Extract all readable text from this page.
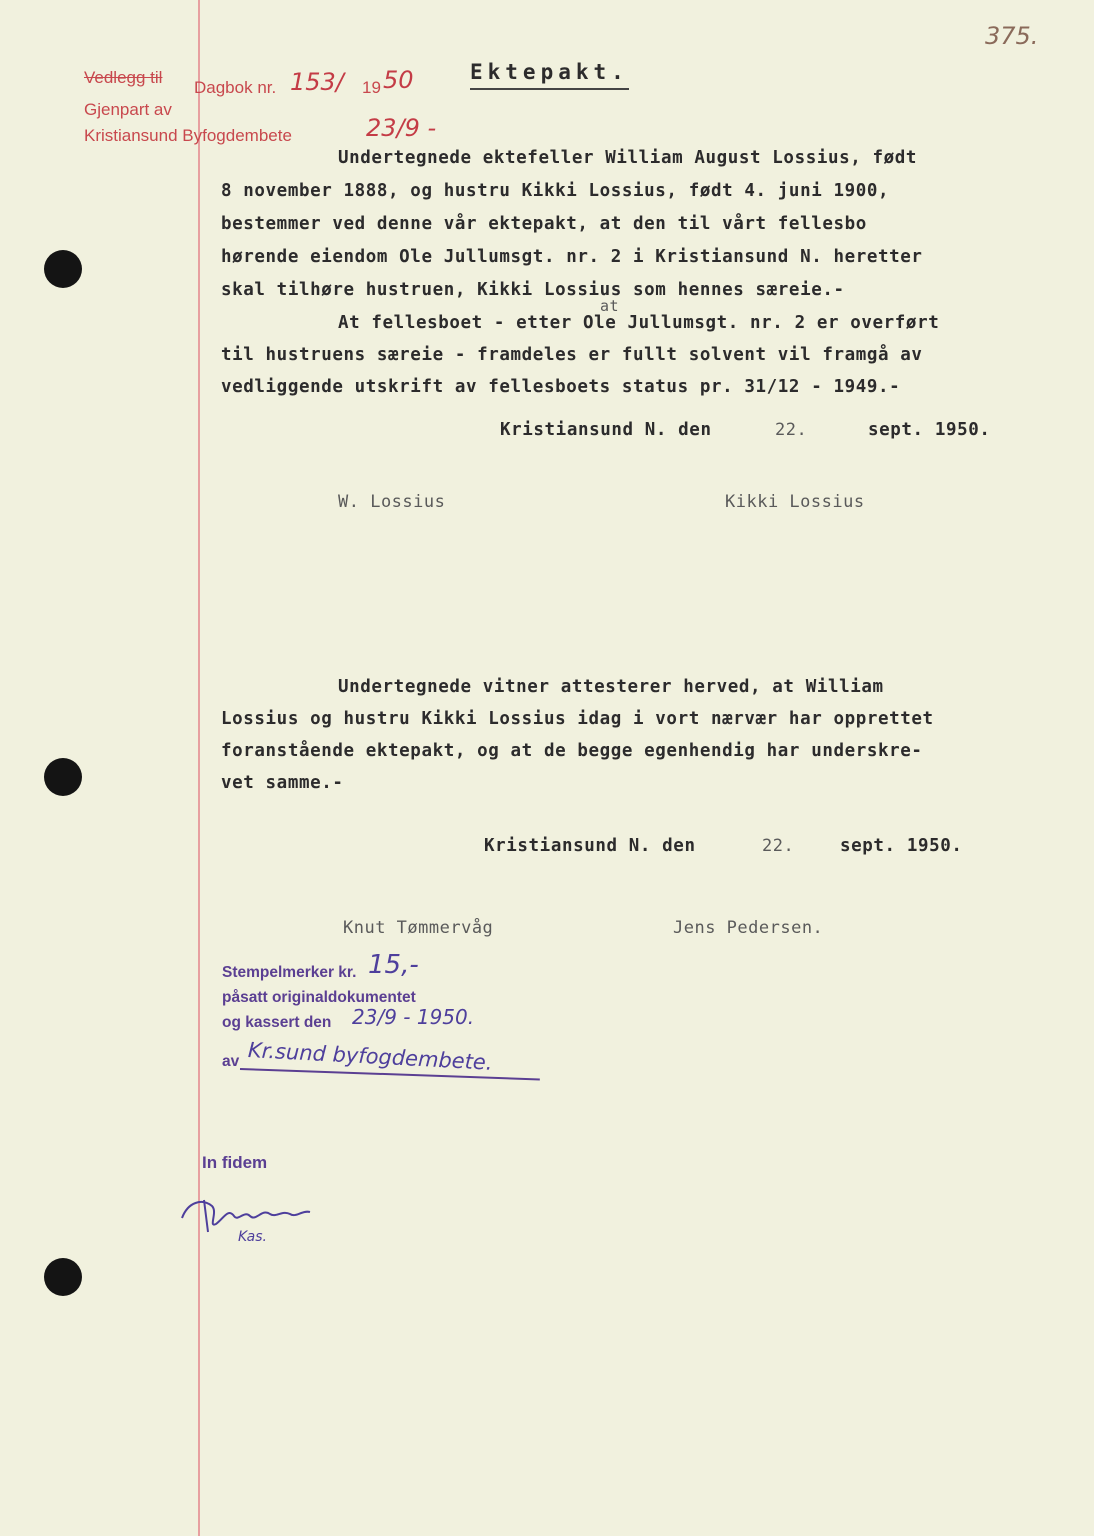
375.
Vedlegg til
Dagbok nr. 153/ 19 50
Gjenpart av
Kristiansund Byfogdembete	23/9 -
Ektepakt.
Undertegnede ektefeller William August Lossius, født
8 november 1888, og hustru Kikki Lossius, født 4. juni 1900,
bestemmer ved denne vår ektepakt, at den til vårt fellesbo
hørende eiendom Ole Jullumsgt. nr. 2 i Kristiansund N. heretter
skal tilhøre hustruen, Kikki Lossius som hennes særeie.-
at
At fellesboet - etter Ole Jullumsgt. nr. 2 er overført
til hustruens særeie - framdeles er fullt solvent vil framgå av
vedliggende utskrift av fellesboets status pr. 31/12 - 1949.-
Kristiansund N. den	22.	sept. 1950.
W. Lossius	Kikki Lossius
Undertegnede vitner attesterer herved, at William
Lossius og hustru Kikki Lossius idag i vort nærvær har opprettet
foranstående ektepakt, og at de begge egenhendig har underskre-
vet samme.-
Kristiansund N. den	22.	sept. 1950.
Knut Tømmervåg	Jens Pedersen.
Stempelmerker kr. 15,-
påsatt originaldokumentet
og kassert den 23/9 - 1950.
av Kr.sund byfogdembete.
In fidem
Kas.
